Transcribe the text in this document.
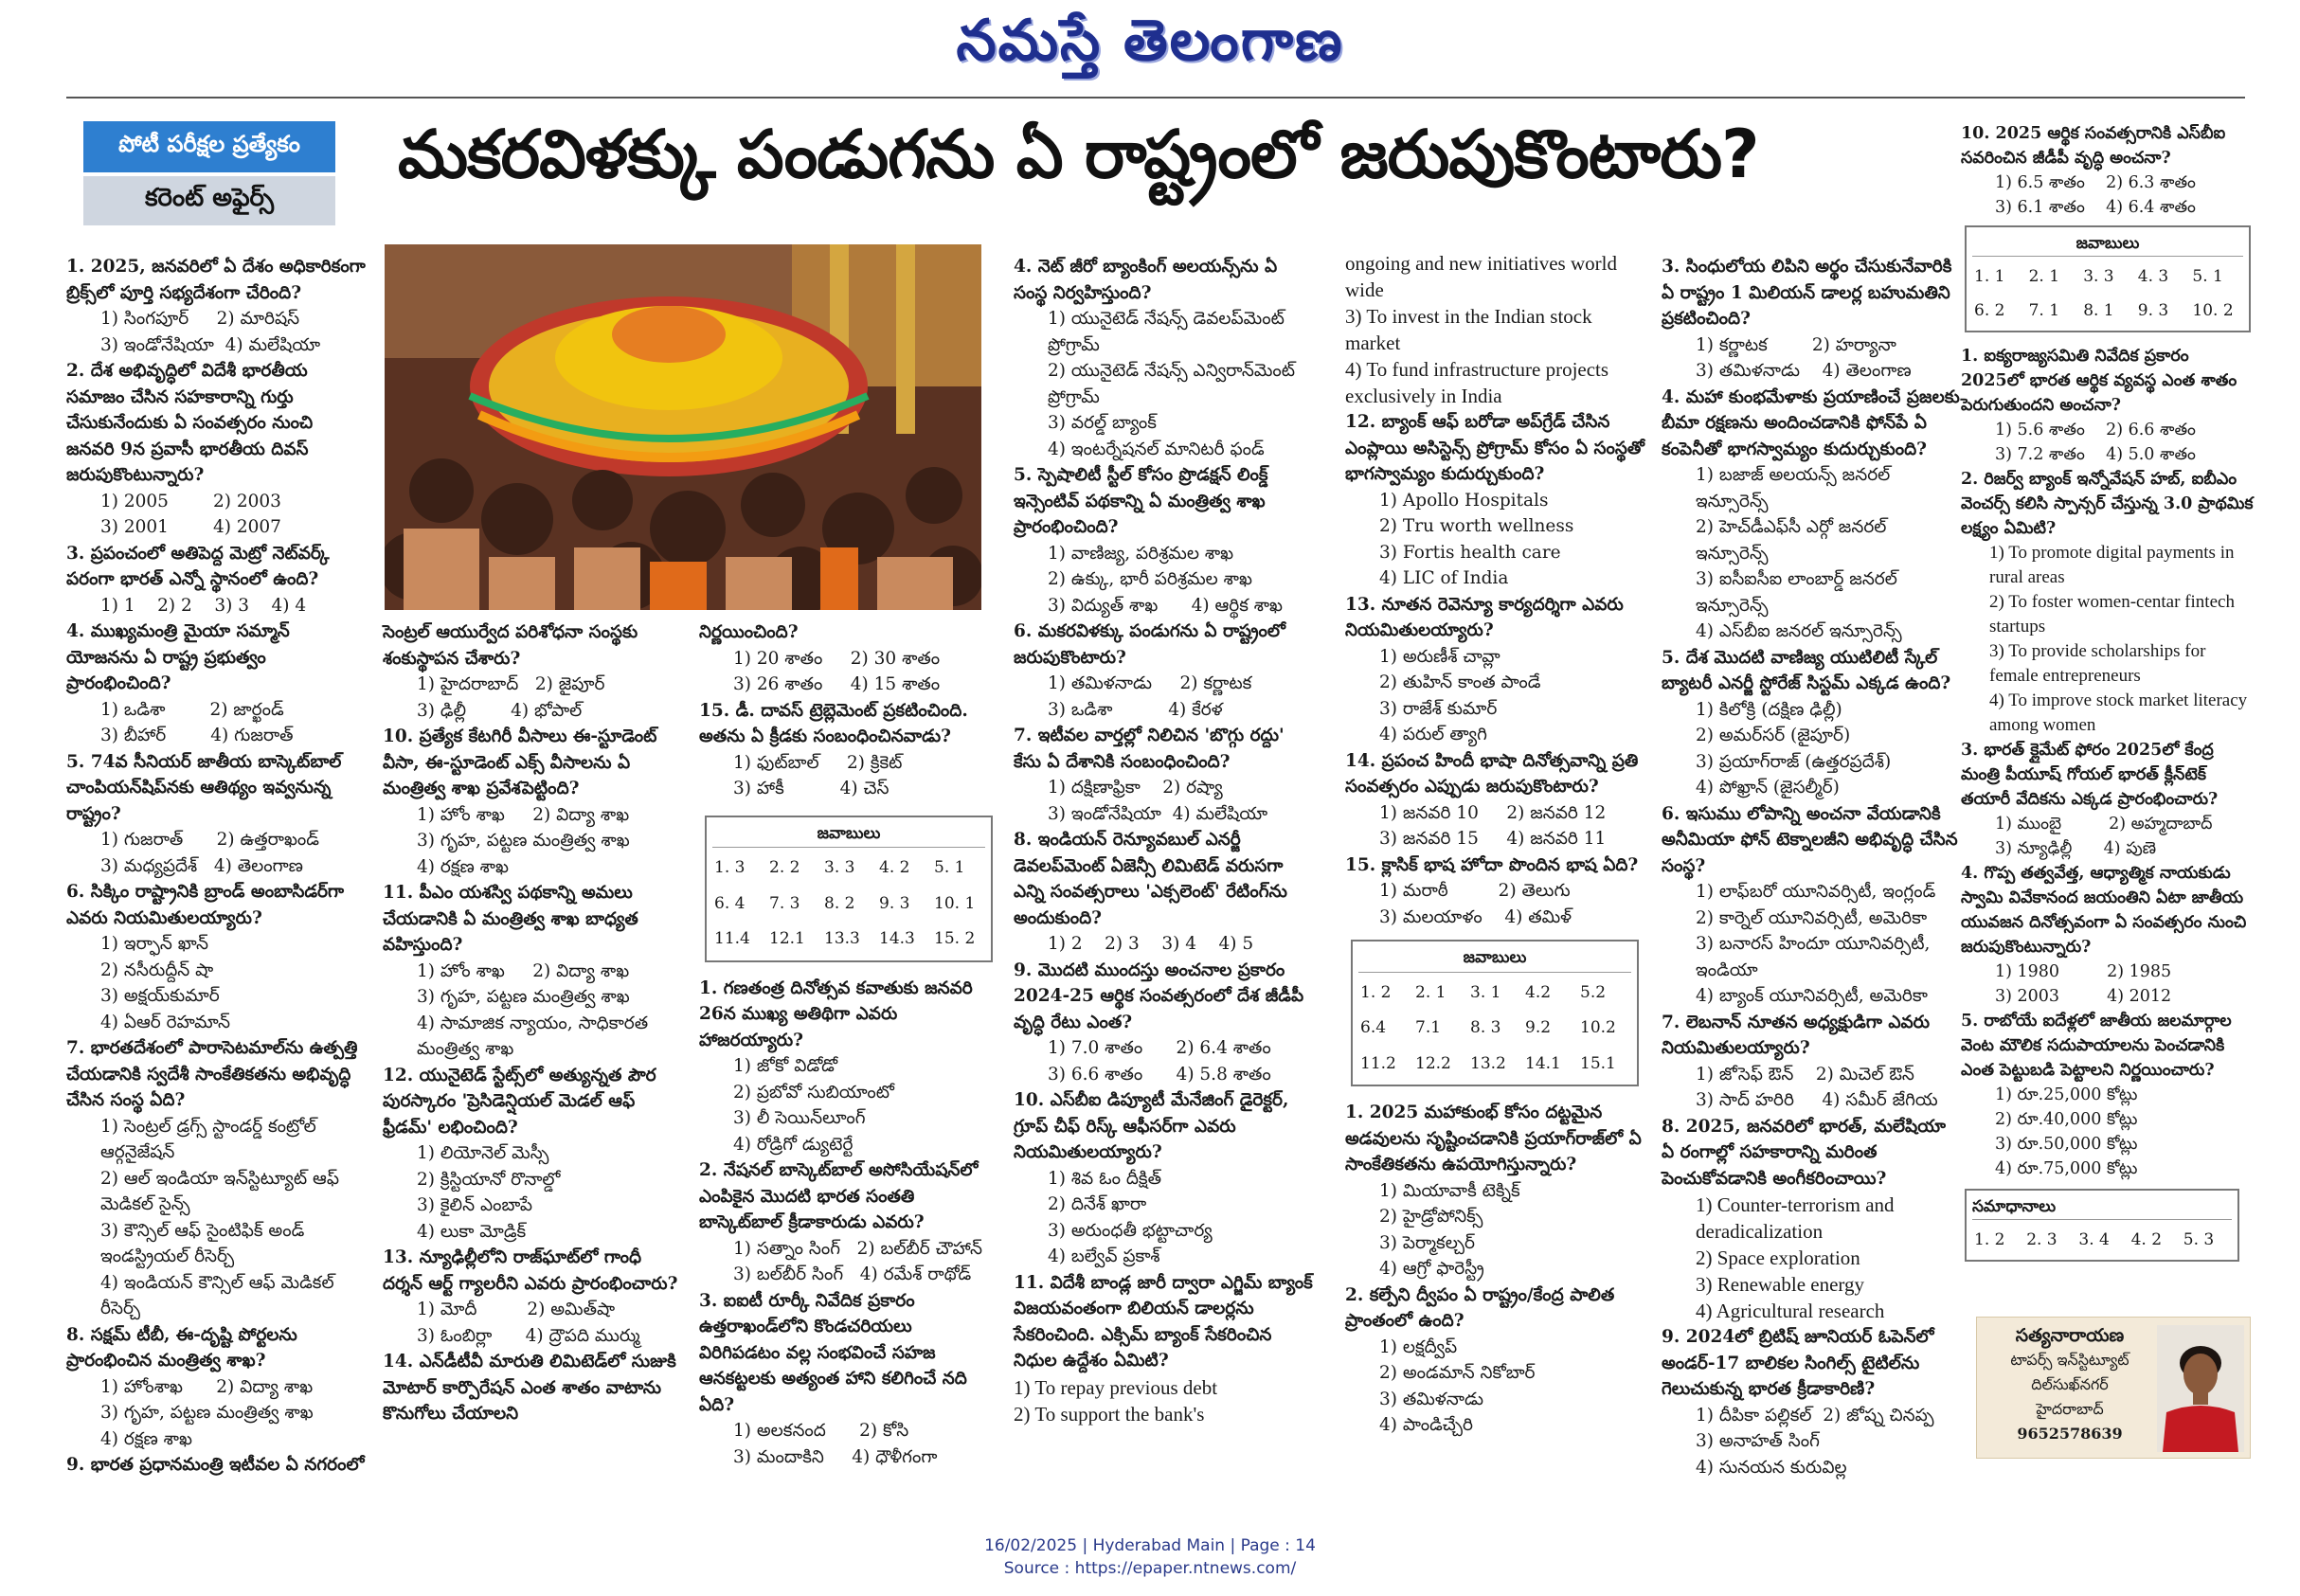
నమస్తే తెలంగాణ
పోటీ పరీక్షల ప్రత్యేకం
కరెంట్ అఫైర్స్
మకరవిళక్కు పండుగను ఏ రాష్ట్రంలో జరుపుకొంటారు?

1. 2025, జనవరిలో ఏ దేశం అధికారికంగా బ్రిక్స్‌లో పూర్తి సభ్యదేశంగా చేరింది?

1) సింగపూర్     2) మారిషస్

3) ఇండోనేషియా  4) మలేషియా

2. దేశ అభివృద్ధిలో విదేశీ భారతీయ సమాజం చేసిన సహకారాన్ని గుర్తు చేసుకునేందుకు ఏ సంవత్సరం నుంచి జనవరి 9న ప్రవాసీ భారతీయ దివస్ జరుపుకొంటున్నారు?

1) 2005        2) 2003

3) 2001        4) 2007

3. ప్రపంచంలో అతిపెద్ద మెట్రో నెట్‌వర్క్ పరంగా భారత్ ఎన్నో స్థానంలో ఉంది?

1) 1    2) 2    3) 3    4) 4

4. ముఖ్యమంత్రి మైయా సమ్మాన్ యోజనను ఏ రాష్ట్ర ప్రభుత్వం ప్రారంభించింది?

1) ఒడిశా        2) జార్ఖండ్

3) బీహార్        4) గుజరాత్

5. 74వ సీనియర్ జాతీయ బాస్కెట్‌బాల్ చాంపియన్‌షిప్‌నకు ఆతిథ్యం ఇవ్వనున్న రాష్ట్రం?

1) గుజరాత్      2) ఉత్తరాఖండ్

3) మధ్యప్రదేశ్   4) తెలంగాణ

6. సిక్కిం రాష్ట్రానికి బ్రాండ్ అంబాసిడర్‌గా ఎవరు నియమితులయ్యారు?

1) ఇర్ఫాన్ ఖాన్

2) నసీరుద్దీన్ షా

3) అక్షయ్‌కుమార్

4) ఏఆర్ రెహమాన్

7. భారతదేశంలో పారాసెటమాల్‌ను ఉత్పత్తి చేయడానికి స్వదేశీ సాంకేతికతను అభివృద్ధి చేసిన సంస్థ ఏది?

1) సెంట్రల్ డ్రగ్స్ స్టాండర్డ్ కంట్రోల్ ఆర్గనైజేషన్

2) ఆల్ ఇండియా ఇన్‌స్టిట్యూట్ ఆఫ్ మెడికల్ సైన్స్

3) కౌన్సిల్ ఆఫ్ సైంటిఫిక్ అండ్ ఇండస్ట్రియల్ రీసెర్చ్

4) ఇండియన్ కౌన్సిల్ ఆఫ్ మెడికల్ రీసెర్చ్

8. సక్షమ్ టీబీ, ఈ-దృష్టి పోర్టలను ప్రారంభించిన మంత్రిత్వ శాఖ?

1) హోంశాఖ      2) విద్యా శాఖ

3) గృహ, పట్టణ మంత్రిత్వ శాఖ

4) రక్షణ శాఖ

9. భారత ప్రధానమంత్రి ఇటీవల ఏ నగరంలో

సెంట్రల్ ఆయుర్వేద పరిశోధనా సంస్థకు శంకుస్థాపన చేశారు?

1) హైదరాబాద్   2) జైపూర్

3) ఢిల్లీ        4) భోపాల్

10. ప్రత్యేక కేటగిరీ వీసాలు ఈ-స్టూడెంట్ వీసా, ఈ-స్టూడెంట్ ఎక్స్ వీసాలను ఏ మంత్రిత్వ శాఖ ప్రవేశపెట్టింది?

1) హోం శాఖ     2) విద్యా శాఖ

3) గృహ, పట్టణ మంత్రిత్వ శాఖ

4) రక్షణ శాఖ

11. పీఎం యశస్వి పథకాన్ని అమలు చేయడానికి ఏ మంత్రిత్వ శాఖ బాధ్యత వహిస్తుంది?

1) హోం శాఖ     2) విద్యా శాఖ

3) గృహ, పట్టణ మంత్రిత్వ శాఖ

4) సామాజిక న్యాయం, సాధికారత మంత్రిత్వ శాఖ

12. యునైటెడ్ స్టేట్స్‌లో అత్యున్నత పౌర పురస్కారం 'ప్రెసిడెన్షియల్ మెడల్ ఆఫ్ ఫ్రీడమ్' లభించింది?

1) లియోనెల్ మెస్సీ

2) క్రిస్టియానో రొనాల్డో

3) కైలిన్ ఎంబాపే

4) లుకా మోడ్రిక్

13. న్యూఢిల్లీలోని రాజ్‌ఘాట్‌లో గాంధీ దర్శన్ ఆర్ట్ గ్యాలరీని ఎవరు ప్రారంభించారు?

1) మోదీ         2) అమిత్‌షా

3) ఓంబిర్లా      4) ద్రౌపది ముర్ము

14. ఎన్‌డీటీవీ మారుతి లిమిటెడ్‌లో సుజుకి మోటార్ కార్పొరేషన్ ఎంత శాతం వాటాను కొనుగోలు చేయాలని

నిర్ణయించింది?

1) 20 శాతం     2) 30 శాతం

3) 26 శాతం     4) 15 శాతం

15. డీ. దావస్ ట్రెబ్లెమెంట్ ప్రకటించింది. అతను ఏ క్రీడకు సంబంధించినవాడు?

1) ఫుట్‌బాల్     2) క్రికెట్

3) హాకీ          4) చెస్

జవాబులు
1. 3	2. 2	3. 3	4. 2	5. 1
6. 4	7. 3	8. 2	9. 3	10. 1
11.4	12.1	13.3	14.3	15. 2

1. గణతంత్ర దినోత్సవ కవాతుకు జనవరి 26న ముఖ్య అతిథిగా ఎవరు హాజరయ్యారు?

1) జోకో విడోడో

2) ప్రబోవో సుబియాంటో

3) లీ సెయిన్‌లూంగ్

4) రోడ్రిగో డ్యుటెర్టే

2. నేషనల్ బాస్కెట్‌బాల్ అసోసియేషన్‌లో ఎంపికైన మొదటి భారత సంతతి బాస్కెట్‌బాల్ క్రీడాకారుడు ఎవరు?

1) సత్నాం సింగ్   2) బల్‌బీర్ చౌహాన్

3) బల్‌బీర్ సింగ్   4) రమేశ్ రాథోడ్

3. ఐఐటీ రూర్కీ నివేదిక ప్రకారం ఉత్తరాఖండ్‌లోని కొండచరియలు విరిగిపడటం వల్ల సంభవించే సహజ ఆనకట్టలకు అత్యంత హాని కలిగించే నది ఏది?

1) అలకనంద      2) కోసి

3) మందాకిని     4) ధౌళీగంగా

4. నెట్ జీరో బ్యాంకింగ్ అలయన్స్‌ను ఏ సంస్థ నిర్వహిస్తుంది?

1) యునైటెడ్ నేషన్స్ డెవలప్‌మెంట్ ప్రోగ్రామ్

2) యునైటెడ్ నేషన్స్ ఎన్విరాన్‌మెంట్ ప్రోగ్రామ్

3) వరల్డ్ బ్యాంక్

4) ఇంటర్నేషనల్ మానిటరీ ఫండ్

5. స్పెషాలిటీ స్టీల్ కోసం ప్రొడక్షన్ లింక్డ్ ఇన్సెంటివ్ పథకాన్ని ఏ మంత్రిత్వ శాఖ ప్రారంభించింది?

1) వాణిజ్య, పరిశ్రమల శాఖ

2) ఉక్కు, భారీ పరిశ్రమల శాఖ

3) విద్యుత్ శాఖ      4) ఆర్థిక శాఖ

6. మకరవిళక్కు పండుగను ఏ రాష్ట్రంలో జరుపుకొంటారు?

1) తమిళనాడు     2) కర్ణాటక

3) ఒడిశా          4) కేరళ

7. ఇటీవల వార్తల్లో నిలిచిన 'బొగ్గు రద్దు' కేసు ఏ దేశానికి సంబంధించింది?

1) దక్షిణాఫ్రికా    2) రష్యా

3) ఇండోనేషియా  4) మలేషియా

8. ఇండియన్ రెన్యూవబుల్ ఎనర్జీ డెవలప్‌మెంట్ ఏజెన్సీ లిమిటెడ్ వరుసగా ఎన్ని సంవత్సరాలు 'ఎక్సలెంట్' రేటింగ్‌ను అందుకుంది?

1) 2    2) 3    3) 4    4) 5

9. మొదటి ముందస్తు అంచనాల ప్రకారం 2024-25 ఆర్థిక సంవత్సరంలో దేశ జీడీపీ వృద్ధి రేటు ఎంత?

1) 7.0 శాతం      2) 6.4 శాతం

3) 6.6 శాతం      4) 5.8 శాతం

10. ఎస్‌బీఐ డిప్యూటీ మేనేజింగ్ డైరెక్టర్, గ్రూప్ చీఫ్ రిస్క్ ఆఫీసర్‌గా ఎవరు నియమితులయ్యారు?

1) శివ ఓం దీక్షిత్

2) దినేశ్ ఖారా

3) అరుంధతీ భట్టాచార్య

4) బల్వేవ్ ప్రకాశ్

11. విదేశీ బాండ్ల జారీ ద్వారా ఎగ్జిమ్ బ్యాంక్ విజయవంతంగా బిలియన్ డాలర్లను సేకరించింది. ఎక్సిమ్ బ్యాంక్ సేకరించిన నిధుల ఉద్దేశం ఏమిటి?

1) To repay previous debt

2) To support the bank's

ongoing and new initiatives world wide

3) To invest in the Indian stock market

4) To fund infrastructure projects exclusively in India

12. బ్యాంక్ ఆఫ్ బరోడా అప్‌గ్రేడ్ చేసిన ఎంప్లాయి అసిస్టెన్స్ ప్రోగ్రామ్ కోసం ఏ సంస్థతో భాగస్వామ్యం కుదుర్చుకుంది?

1) Apollo Hospitals

2) Tru worth wellness

3) Fortis health care

4) LIC of India

13. నూతన రెవెన్యూ కార్యదర్శిగా ఎవరు నియమితులయ్యారు?

1) అరుణీశ్ చావ్లా

2) తుహిన్ కాంత పాండే

3) రాజేశ్ కుమార్

4) పరుల్ త్యాగి

14. ప్రపంచ హిందీ భాషా దినోత్సవాన్ని ప్రతి సంవత్సరం ఎప్పుడు జరుపుకొంటారు?

1) జనవరి 10     2) జనవరి 12

3) జనవరి 15     4) జనవరి 11

15. క్లాసిక్ భాష హోదా పొందిన భాష ఏది?

1) మరాఠీ         2) తెలుగు

3) మలయాళం    4) తమిళ్

జవాబులు
1. 2	2. 1	3. 1	4.2	5.2
6.4	7.1	8. 3	9.2	10.2
11.2	12.2	13.2	14.1	15.1

1. 2025 మహాకుంభ్ కోసం దట్టమైన అడవులను సృష్టించడానికి ప్రయాగ్‌రాజ్‌లో ఏ సాంకేతికతను ఉపయోగిస్తున్నారు?

1) మియావాకీ టెక్నిక్

2) హైడ్రోపోనిక్స్

3) పెర్మాకల్చర్

4) ఆగ్రో ఫారెస్ట్రీ

2. కల్పేని ద్వీపం ఏ రాష్ట్రం/కేంద్ర పాలిత ప్రాంతంలో ఉంది?

1) లక్షద్వీప్

2) అండమాన్ నికోబార్

3) తమిళనాడు

4) పాండిచ్చేరి

3. సింధులోయ లిపిని అర్థం చేసుకునేవారికి ఏ రాష్ట్రం 1 మిలియన్ డాలర్ల బహుమతిని ప్రకటించింది?

1) కర్ణాటక        2) హర్యానా

3) తమిళనాడు    4) తెలంగాణ

4. మహా కుంభమేళాకు ప్రయాణించే ప్రజలకు బీమా రక్షణను అందించడానికి ఫోన్‌పే ఏ కంపెనీతో భాగస్వామ్యం కుదుర్చుకుంది?

1) బజాజ్ అలయన్స్ జనరల్ ఇన్సూరెన్స్

2) హెచ్‌డీఎఫ్‌సీ ఎర్గో జనరల్ ఇన్సూరెన్స్

3) ఐసీఐసీఐ లాంబార్డ్ జనరల్ ఇన్సూరెన్స్

4) ఎస్‌బీఐ జనరల్ ఇన్సూరెన్స్

5. దేశ మొదటి వాణిజ్య యుటిలిటీ స్కేల్ బ్యాటరీ ఎనర్జీ స్టోరేజ్ సిస్టమ్ ఎక్కడ ఉంది?

1) కిలోక్రి (దక్షిణ ఢిల్లీ)

2) అమర్‌సర్ (జైపూర్)

3) ప్రయాగ్‌రాజ్ (ఉత్తరప్రదేశ్)

4) పోఖ్రాన్ (జైసల్మీర్)

6. ఇసుము లోపాన్ని అంచనా వేయడానికి అనీమియా ఫోన్ టెక్నాలజీని అభివృద్ధి చేసిన సంస్థ?

1) లాఫ్‌బరో యూనివర్సిటీ, ఇంగ్లండ్

2) కార్నెల్ యూనివర్సిటీ, అమెరికా

3) బనారస్ హిందూ యూనివర్సిటీ, ఇండియా

4) బ్యాంక్ యూనివర్సిటీ, అమెరికా

7. లెబనాన్ నూతన అధ్యక్షుడిగా ఎవరు నియమితులయ్యారు?

1) జోసెఫ్ ఔన్    2) మిచెల్ ఔన్

3) సాద్ హరిరి     4) సమీర్ జేగియ

8. 2025, జనవరిలో భారత్, మలేషియా ఏ రంగాల్లో సహకారాన్ని మరింత పెంచుకోవడానికి అంగీకరించాయి?

1) Counter-terrorism and deradicalization

2) Space exploration

3) Renewable energy

4) Agricultural research

9. 2024లో బ్రిటిష్ జూనియర్ ఓపెన్‌లో అండర్-17 బాలికల సింగిల్స్ టైటిల్‌ను గెలుచుకున్న భారత క్రీడాకారిణి?

1) దీపికా పల్లికల్  2) జోష్న చినప్ప

3) అనాహత్ సింగ్

4) సునయన కురువిల్ల

10. 2025 ఆర్థిక సంవత్సరానికి ఎస్‌బీఐ సవరించిన జీడీపీ వృద్ధి అంచనా?

1) 6.5 శాతం    2) 6.3 శాతం

3) 6.1 శాతం    4) 6.4 శాతం

జవాబులు
1. 1	2. 1	3. 3	4. 3	5. 1
6. 2	7. 1	8. 1	9. 3	10. 2

1. ఐక్యరాజ్యసమితి నివేదిక ప్రకారం 2025లో భారత ఆర్థిక వ్యవస్థ ఎంత శాతం పెరుగుతుందని అంచనా?

1) 5.6 శాతం    2) 6.6 శాతం

3) 7.2 శాతం    4) 5.0 శాతం

2. రిజర్వ్ బ్యాంక్ ఇన్నోవేషన్ హబ్, ఐబీఎం వెంచర్స్ కలిసి స్పాన్సర్ చేస్తున్న 3.0 ప్రాథమిక లక్ష్యం ఏమిటి?

1) To promote digital payments in rural areas

2) To foster women-centar fintech startups

3) To provide scholarships for female entrepreneurs

4) To improve stock market literacy among women

3. భారత్ క్లైమేట్ ఫోరం 2025లో కేంద్ర మంత్రి పీయూష్ గోయల్ భారత్ క్లీన్‌టెక్ తయారీ వేదికను ఎక్కడ ప్రారంభించారు?

1) ముంబై         2) అహ్మదాబాద్

3) న్యూఢిల్లీ      4) పుణె

4. గొప్ప తత్వవేత్త, ఆధ్యాత్మిక నాయకుడు స్వామి వివేకానంద జయంతిని ఏటా జాతీయ యువజన దినోత్సవంగా ఏ సంవత్సరం నుంచి జరుపుకొంటున్నారు?

1) 1980         2) 1985

3) 2003         4) 2012

5. రాబోయే ఐదేళ్లలో జాతీయ జలమార్గాల వెంట మౌలిక సదుపాయాలను పెంచడానికి ఎంత పెట్టుబడి పెట్టాలని నిర్ణయించారు?

1) రూ.25,000 కోట్లు

2) రూ.40,000 కోట్లు

3) రూ.50,000 కోట్లు

4) రూ.75,000 కోట్లు

సమాధానాలు
1. 2	2. 3	3. 4	4. 2	5. 3
సత్యనారాయణ
టాపర్స్ ఇన్‌స్టిట్యూట్
దిల్‌సుఖ్‌నగర్
హైదరాబాద్
9652578639
16/02/2025 | Hyderabad Main | Page : 14
Source : https://epaper.ntnews.com/
